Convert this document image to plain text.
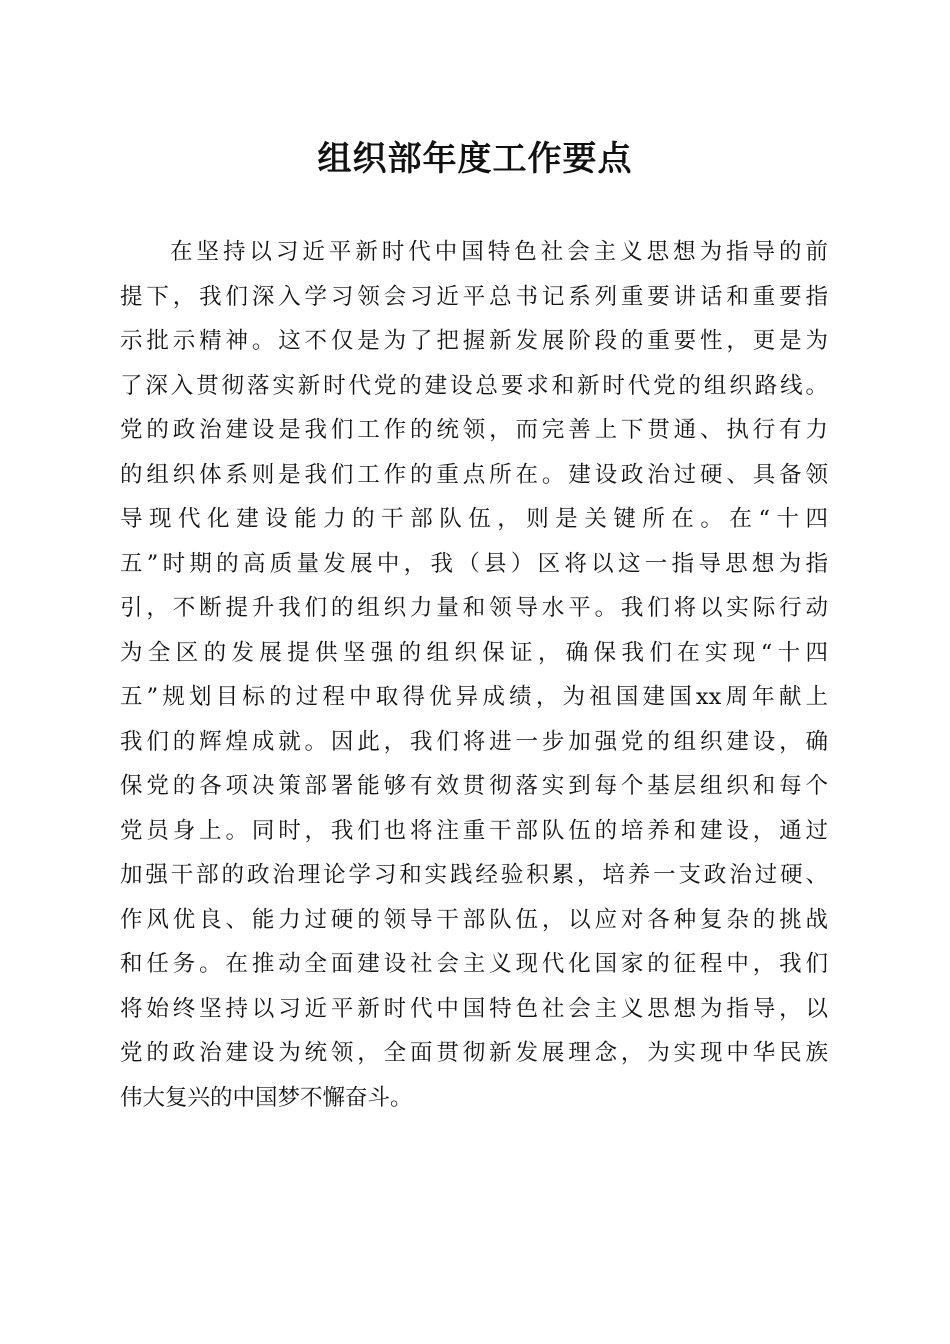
组织部年度工作要点
在坚持以习近平新时代中国特色社会主义思想为指导的前
提下，我们深入学习领会习近平总书记系列重要讲话和重要指
示批示精神。这不仅是为了把握新发展阶段的重要性，更是为
了深入贯彻落实新时代党的建设总要求和新时代党的组织路线。
党的政治建设是我们工作的统领，而完善上下贯通、执行有力
的组织体系则是我们工作的重点所在。建设政治过硬、具备领
导现代化建设能力的干部队伍，则是关键所在。在“十四
五”时期的高质量发展中，我（县）区将以这一指导思想为指
引，不断提升我们的组织力量和领导水平。我们将以实际行动
为全区的发展提供坚强的组织保证，确保我们在实现“十四
五”规划目标的过程中取得优异成绩，为祖国建国xx周年献上
我们的辉煌成就。因此，我们将进一步加强党的组织建设，确
保党的各项决策部署能够有效贯彻落实到每个基层组织和每个
党员身上。同时，我们也将注重干部队伍的培养和建设，通过
加强干部的政治理论学习和实践经验积累，培养一支政治过硬、
作风优良、能力过硬的领导干部队伍，以应对各种复杂的挑战
和任务。在推动全面建设社会主义现代化国家的征程中，我们
将始终坚持以习近平新时代中国特色社会主义思想为指导，以
党的政治建设为统领，全面贯彻新发展理念，为实现中华民族
伟大复兴的中国梦不懈奋斗。
